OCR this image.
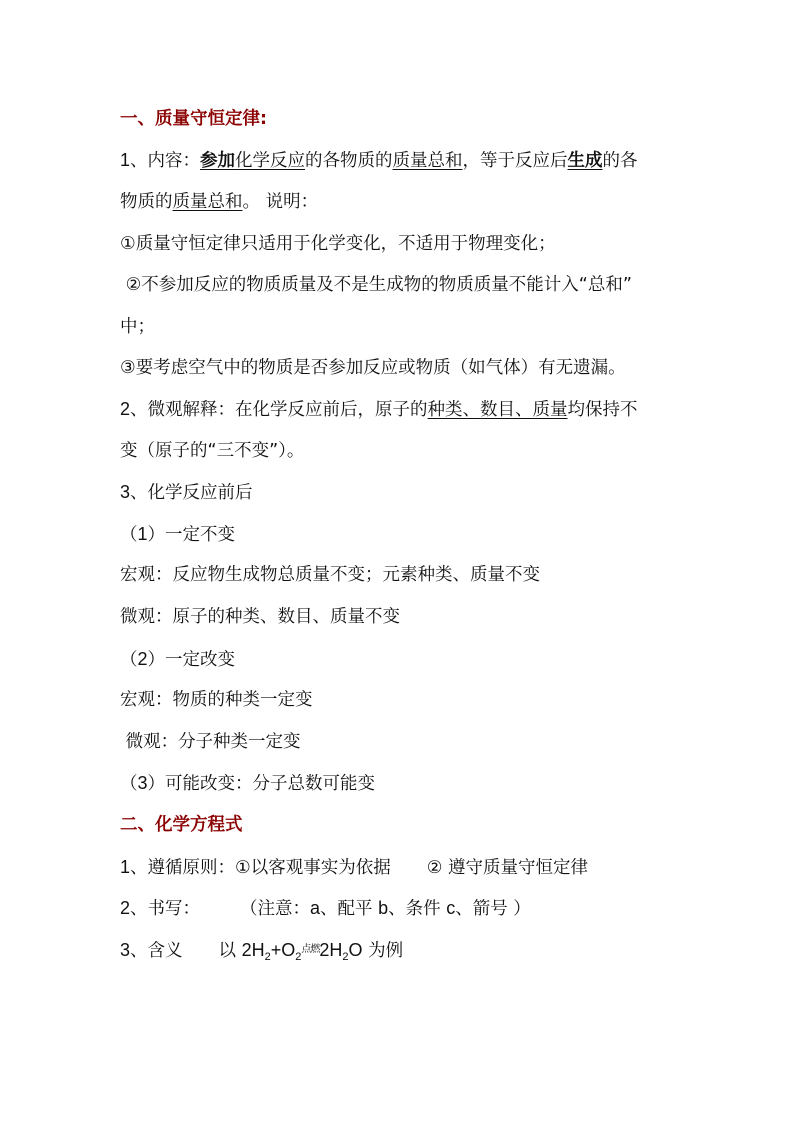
一、质量守恒定律:
1、内容：参加化学反应的各物质的质量总和，等于反应后生成的各
物质的质量总和。 说明：
①质量守恒定律只适用于化学变化，不适用于物理变化；
②不参加反应的物质质量及不是生成物的物质质量不能计入“总和”
中；
③要考虑空气中的物质是否参加反应或物质（如气体）有无遗漏。
2、微观解释：在化学反应前后，原子的种类、数目、质量均保持不
变（原子的“三不变”）。
3、化学反应前后
（1）一定不变
宏观：反应物生成物总质量不变；元素种类、质量不变
微观：原子的种类、数目、质量不变
（2）一定改变
宏观：物质的种类一定变
微观：分子种类一定变
（3）可能改变：分子总数可能变
二、化学方程式
1、遵循原则：①以客观事实为依据 ② 遵守质量守恒定律
2、书写： （注意：a、配平 b、条件 c、箭号 ）
3、含义 以 $2H_2+O_2^{点燃}2H_2O$ 为例
